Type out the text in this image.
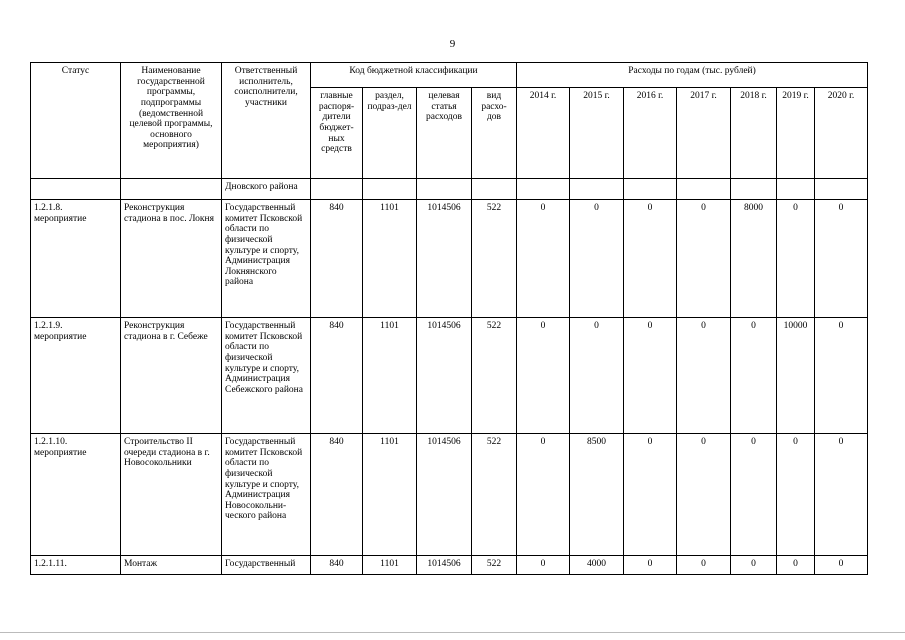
9
Статус	Наименование государственной программы, подпрограммы (ведомственной целевой программы, основного мероприятия)	Ответственный исполнитель, соисполнители, участники	Код бюджетной классификации				Расходы по годам (тыс. рублей)						
			главные распоря-дители бюджет-ных средств	раздел, подраз-дел	целевая статья расходов	вид расхо-дов	2014 г.	2015 г.	2016 г.	2017 г.	2018 г.	2019 г.	2020 г.
		Дновского района											
1.2.1.8. мероприятие	Реконструкция стадиона в пос. Локня	Государственный комитет Псковской области по физической культуре и спорту, Администрация Локнянского района	840	1101	1014506	522	0	0	0	0	8000	0	0
1.2.1.9. мероприятие	Реконструкция стадиона в г. Себеже	Государственный комитет Псковской области по физической культуре и спорту, Администрация Себежского района	840	1101	1014506	522	0	0	0	0	0	10000	0
1.2.1.10. мероприятие	Строительство II очереди стадиона в г. Новосокольники	Государственный комитет Псковской области по физической культуре и спорту, Администрация Новосокольни-ческого района	840	1101	1014506	522	0	8500	0	0	0	0	0
1.2.1.11.	Монтаж	Государственный	840	1101	1014506	522	0	4000	0	0	0	0	0
